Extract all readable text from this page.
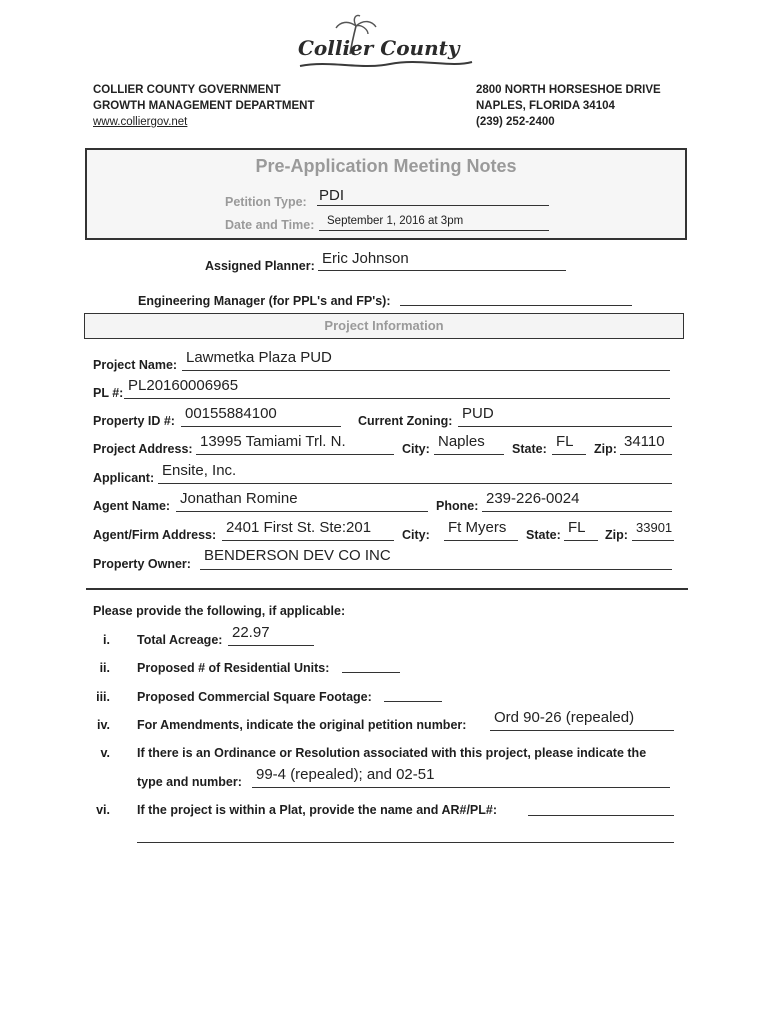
Collier County
COLLIER COUNTY GOVERNMENT
GROWTH MANAGEMENT DEPARTMENT
www.colliergov.net
2800 NORTH HORSESHOE DRIVE
NAPLES, FLORIDA 34104
(239) 252-2400
Pre-Application Meeting Notes
Petition Type: PDI
Date and Time: September 1, 2016 at 3pm
Assigned Planner: Eric Johnson
Engineering Manager (for PPL's and FP's):
Project Information
Project Name: Lawmetka Plaza PUD
PL #: PL20160006965
Property ID #: 00155884100	Current Zoning: PUD
Project Address: 13995 Tamiami Trl. N.	City: Naples State: FL Zip: 34110
Applicant: Ensite, Inc.
Agent Name: Jonathan Romine	Phone: 239-226-0024
Agent/Firm Address: 2401 First St. Ste:201 City: Ft Myers State: FL Zip: 33901
Property Owner: BENDERSON DEV CO INC
Please provide the following, if applicable:
i. Total Acreage: 22.97
ii. Proposed # of Residential Units:
iii. Proposed Commercial Square Footage:
iv. For Amendments, indicate the original petition number: Ord 90-26 (repealed)
v. If there is an Ordinance or Resolution associated with this project, please indicate the
type and number: 99-4 (repealed); and 02-51
vi. If the project is within a Plat, provide the name and AR#/PL#:
